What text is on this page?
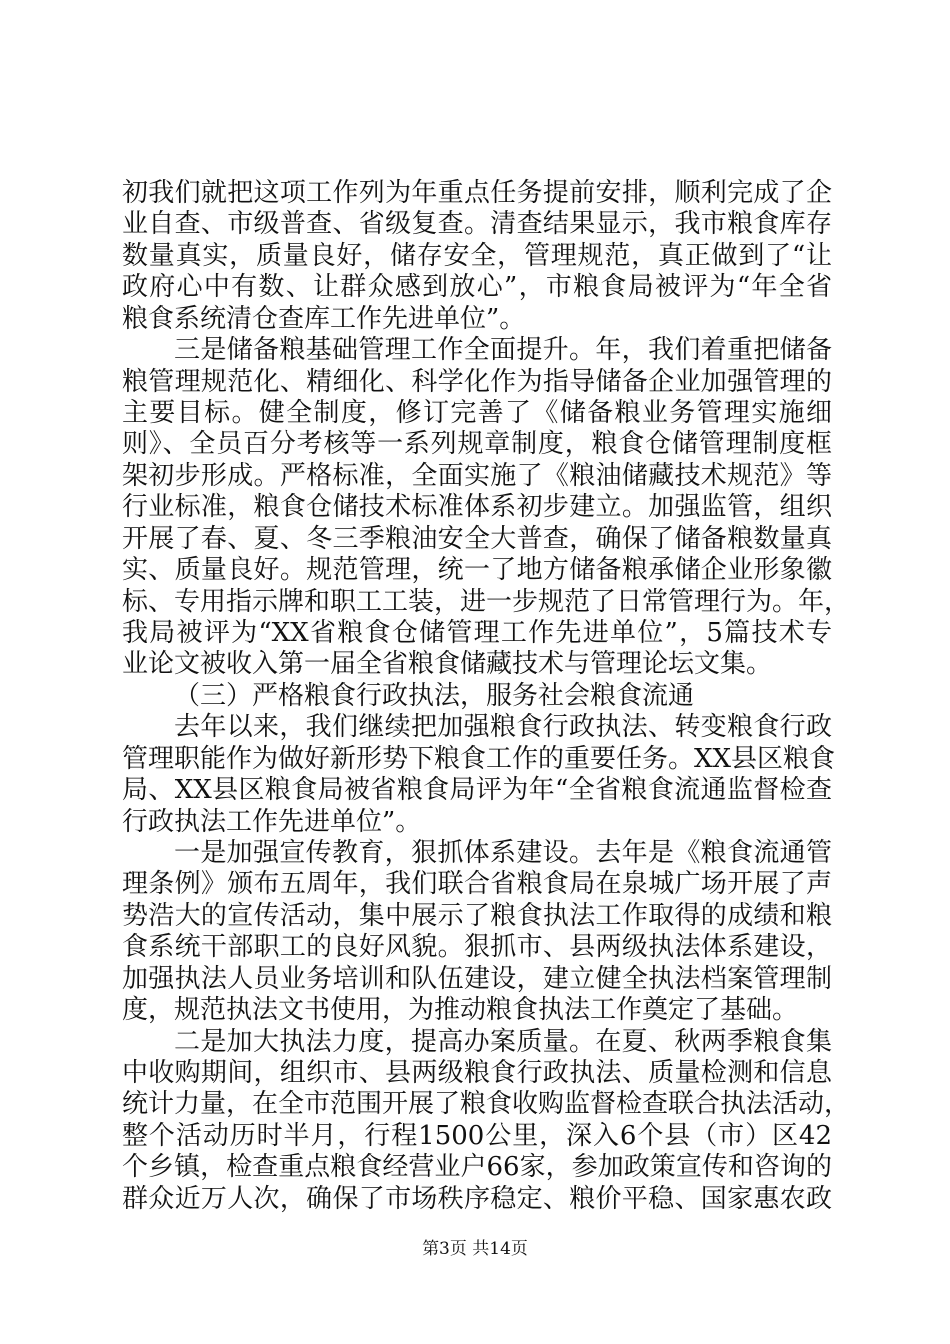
初我们就把这项工作列为年重点任务提前安排，顺利完成了企
业自查、市级普查、省级复查。清查结果显示，我市粮食库存
数量真实，质量良好，储存安全，管理规范，真正做到了“让
政府心中有数、让群众感到放心”，市粮食局被评为“年全省
粮食系统清仓查库工作先进单位”。
三是储备粮基础管理工作全面提升。年，我们着重把储备
粮管理规范化、精细化、科学化作为指导储备企业加强管理的
主要目标。健全制度，修订完善了《储备粮业务管理实施细
则》、全员百分考核等一系列规章制度，粮食仓储管理制度框
架初步形成。严格标准，全面实施了《粮油储藏技术规范》等
行业标准，粮食仓储技术标准体系初步建立。加强监管，组织
开展了春、夏、冬三季粮油安全大普查，确保了储备粮数量真
实、质量良好。规范管理，统一了地方储备粮承储企业形象徽
标、专用指示牌和职工工装，进一步规范了日常管理行为。年，
我局被评为“XX省粮食仓储管理工作先进单位”，5篇技术专
业论文被收入第一届全省粮食储藏技术与管理论坛文集。
（三）严格粮食行政执法，服务社会粮食流通
去年以来，我们继续把加强粮食行政执法、转变粮食行政
管理职能作为做好新形势下粮食工作的重要任务。XX县区粮食
局、XX县区粮食局被省粮食局评为年“全省粮食流通监督检查
行政执法工作先进单位”。
一是加强宣传教育，狠抓体系建设。去年是《粮食流通管
理条例》颁布五周年，我们联合省粮食局在泉城广场开展了声
势浩大的宣传活动，集中展示了粮食执法工作取得的成绩和粮
食系统干部职工的良好风貌。狠抓市、县两级执法体系建设，
加强执法人员业务培训和队伍建设，建立健全执法档案管理制
度，规范执法文书使用，为推动粮食执法工作奠定了基础。
二是加大执法力度，提高办案质量。在夏、秋两季粮食集
中收购期间，组织市、县两级粮食行政执法、质量检测和信息
统计力量，在全市范围开展了粮食收购监督检查联合执法活动，
整个活动历时半月，行程1500公里，深入6个县（市）区42
个乡镇，检查重点粮食经营业户66家，参加政策宣传和咨询的
群众近万人次，确保了市场秩序稳定、粮价平稳、国家惠农政
第3页 共14页
